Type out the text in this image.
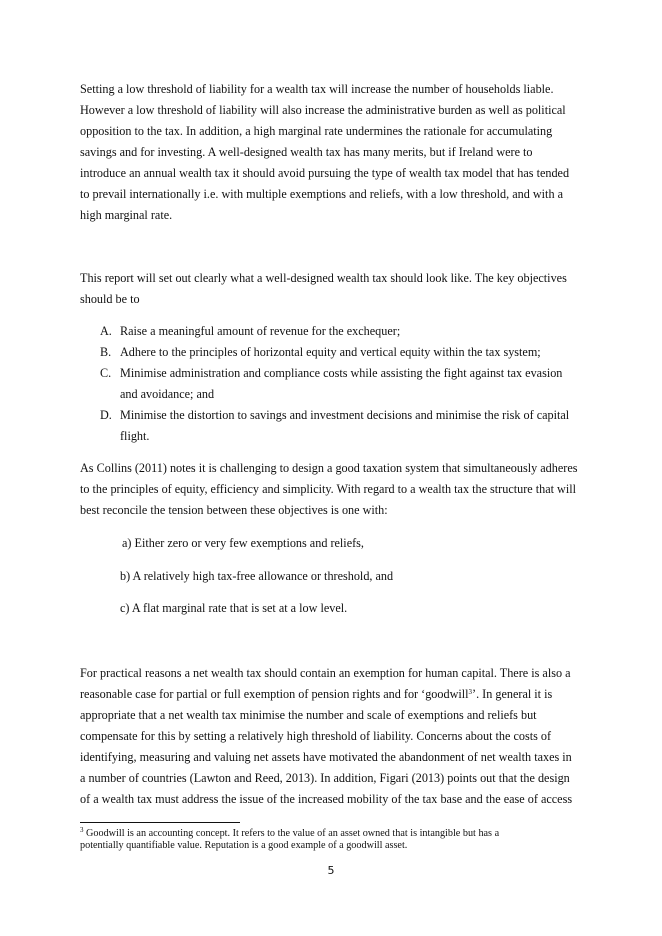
Setting a low threshold of liability for a wealth tax will increase the number of households liable.
However a low threshold of liability will also increase the administrative burden as well as political
opposition to the tax. In addition, a high marginal rate undermines the rationale for accumulating
savings and for investing. A well-designed wealth tax has many merits, but if Ireland were to
introduce an annual wealth tax it should avoid pursuing the type of wealth tax model that has tended
to prevail internationally i.e. with multiple exemptions and reliefs, with a low threshold, and with a
high marginal rate.
This report will set out clearly what a well-designed wealth tax should look like. The key objectives
should be to
A. Raise a meaningful amount of revenue for the exchequer;
B. Adhere to the principles of horizontal equity and vertical equity within the tax system;
C. Minimise administration and compliance costs while assisting the fight against tax evasion
and avoidance; and
D. Minimise the distortion to savings and investment decisions and minimise the risk of capital
flight.
As Collins (2011) notes it is challenging to design a good taxation system that simultaneously adheres
to the principles of equity, efficiency and simplicity. With regard to a wealth tax the structure that will
best reconcile the tension between these objectives is one with:
a) Either zero or very few exemptions and reliefs,
b) A relatively high tax-free allowance or threshold, and
c) A flat marginal rate that is set at a low level.
For practical reasons a net wealth tax should contain an exemption for human capital. There is also a
reasonable case for partial or full exemption of pension rights and for ‘goodwill$^3$’. In general it is
appropriate that a net wealth tax minimise the number and scale of exemptions and reliefs but
compensate for this by setting a relatively high threshold of liability. Concerns about the costs of
identifying, measuring and valuing net assets have motivated the abandonment of net wealth taxes in
a number of countries (Lawton and Reed, 2013). In addition, Figari (2013) points out that the design
of a wealth tax must address the issue of the increased mobility of the tax base and the ease of access
$^3$ Goodwill is an accounting concept. It refers to the value of an asset owned that is intangible but has a
potentially quantifiable value. Reputation is a good example of a goodwill asset.
5
